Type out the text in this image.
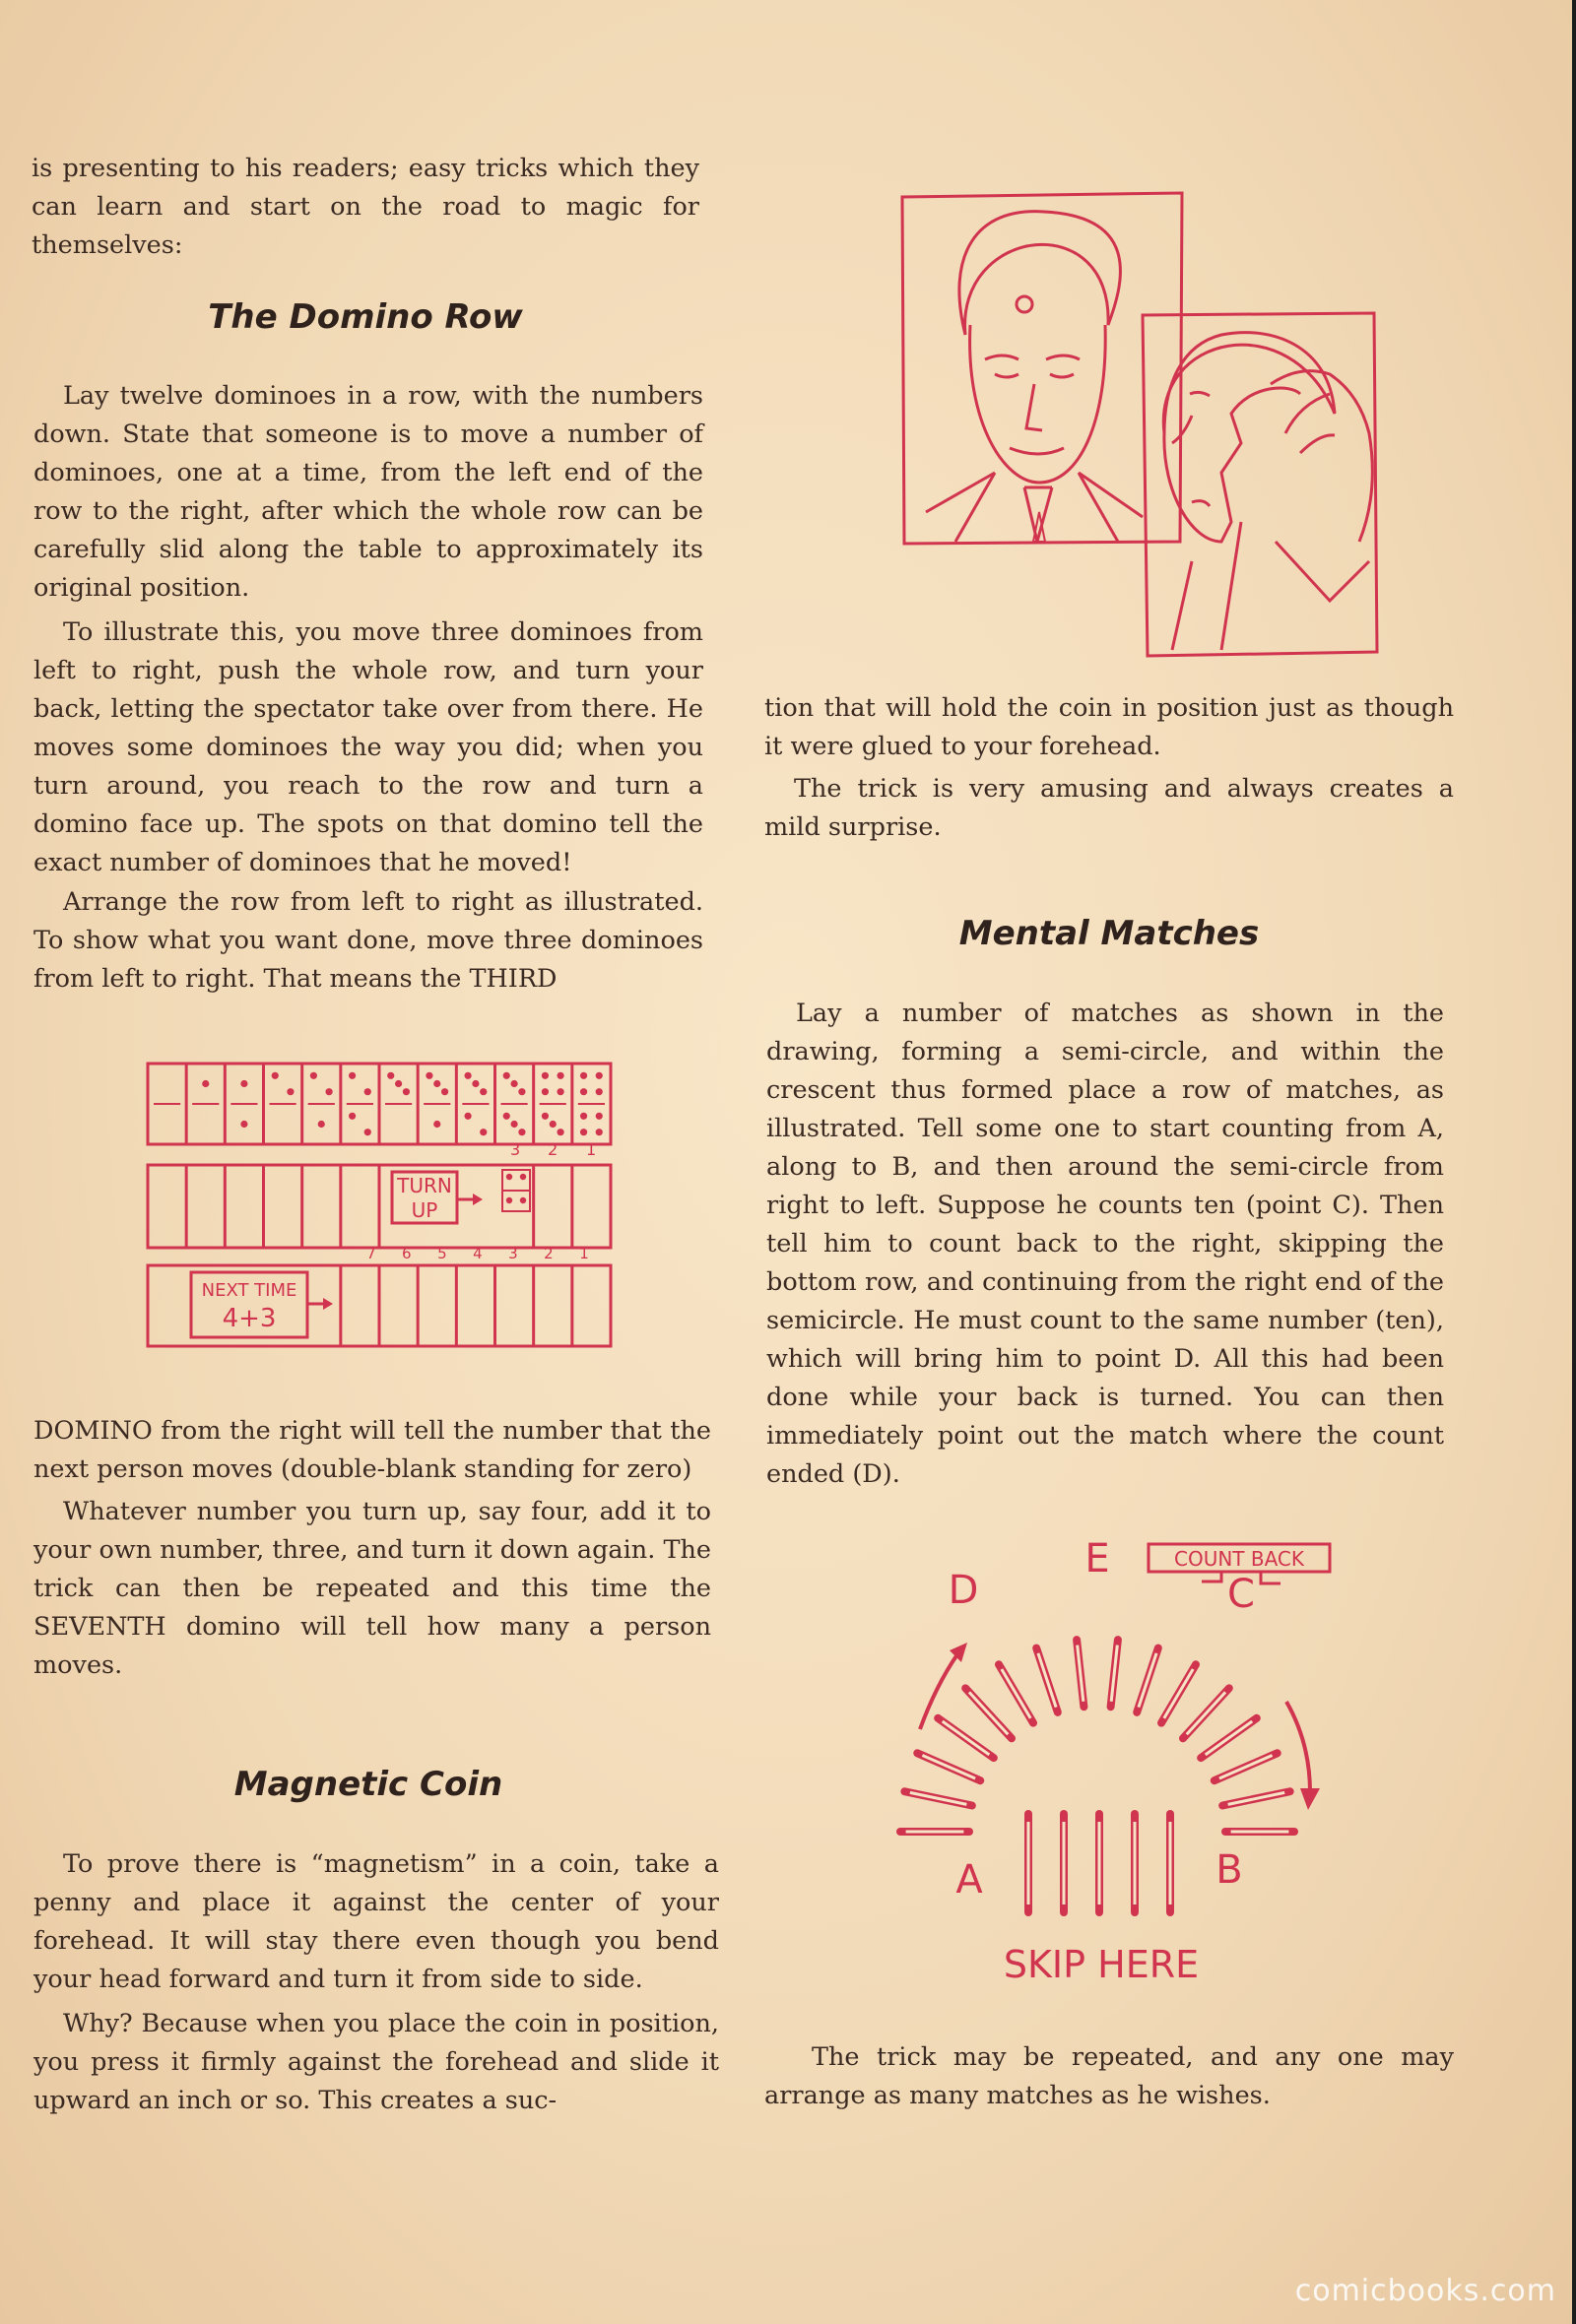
is presenting to his readers; easy tricks which they can learn and start on the road to magic for themselves:

The Domino Row

Lay twelve dominoes in a row, with the numbers down. State that someone is to move a number of dominoes, one at a time, from the left end of the row to the right, after which the whole row can be carefully slid along the table to approximately its original position.

To illustrate this, you move three dominoes from left to right, push the whole row, and turn your back, letting the spectator take over from there. He moves some dominoes the way you did; when you turn around, you reach to the row and turn a domino face up. The spots on that domino tell the exact number of dominoes that he moved!

Arrange the row from left to right as illustrated. To show what you want done, move three dominoes from left to right. That means the THIRD

TURN
UP
3 2 1
NEXT TIME
4+3
7 6 5 4 3 2 1

DOMINO from the right will tell the number that the next person moves (double-blank standing for zero)

Whatever number you turn up, say four, add it to your own number, three, and turn it down again. The trick can then be repeated and this time the SEVENTH domino will tell how many a person moves.

Magnetic Coin

To prove there is “magnetism” in a coin, take a penny and place it against the center of your forehead. It will stay there even though you bend your head forward and turn it from side to side.

Why? Because when you place the coin in position, you press it firmly against the forehead and slide it upward an inch or so. This creates a suc-

tion that will hold the coin in position just as though it were glued to your forehead.

The trick is very amusing and always creates a mild surprise.

Mental Matches

Lay a number of matches as shown in the drawing, forming a semi-circle, and within the crescent thus formed place a row of matches, as illustrated. Tell some one to start counting from A, along to B, and then around the semi-circle from right to left. Suppose he counts ten (point C). Then tell him to count back to the right, skipping the bottom row, and continuing from the right end of the semicircle. He must count to the same number (ten), which will bring him to point D. All this had been done while your back is turned. You can then immediately point out the match where the count ended (D).

COUNT BACK
C
D
E
A	B
SKIP HERE

The trick may be repeated, and any one may arrange as many matches as he wishes.

comicbooks.com
